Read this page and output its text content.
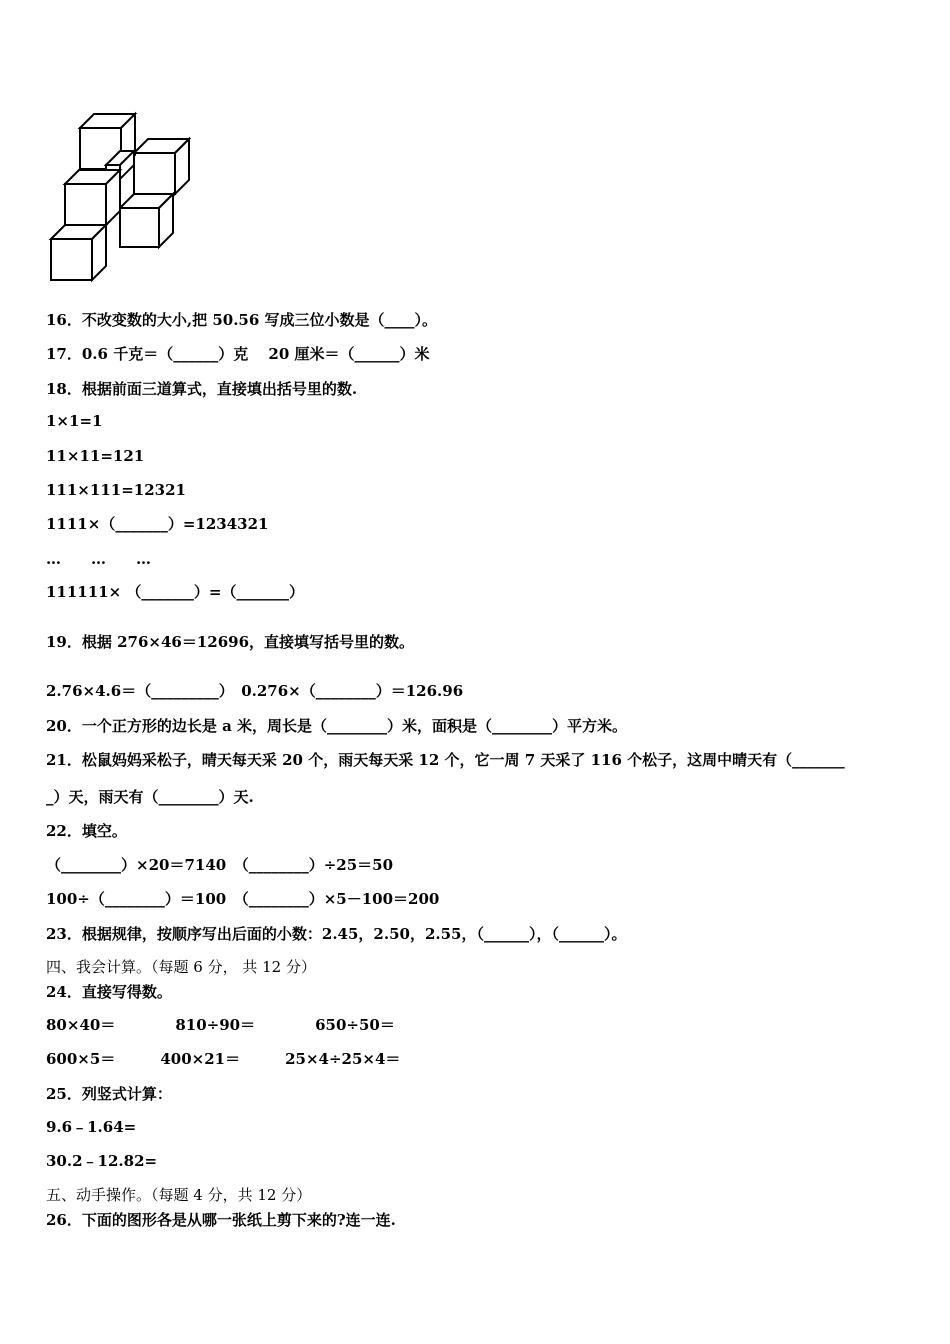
16．不改变数的大小,把 50.56 写成三位小数是（____）。
17．0.6 千克＝（______）克　 20 厘米＝（______）米
18．根据前面三道算式，直接填出括号里的数.
1×1=1
11×11=121
111×111=12321
1111×（_______）=1234321
…　　…　　…
111111× （_______）=（_______）
19．根据 276×46＝12696，直接填写括号里的数。
2.76×4.6＝（_________）　0.276×（________）＝126.96
20．一个正方形的边长是 a 米，周长是（________）米，面积是（________）平方米。
21．松鼠妈妈采松子，晴天每天采 20 个，雨天每天采 12 个，它一周 7 天采了 116 个松子，这周中晴天有（_______
_）天，雨天有（________）天.
22．填空。
（________）×20＝7140　（________）÷25＝50
100÷（________）＝100　（________）×5－100＝200
23．根据规律，按顺序写出后面的小数：2.45，2.50，2.55，（______），（______）。
四、我会计算。（每题 6 分， 共 12 分）
24．直接写得数。
80×40＝　　　　810÷90＝　　　　650÷50＝
600×5＝　　　400×21＝　　　25×4÷25×4＝
25．列竖式计算：
9.6﹣1.64=
30.2﹣12.82=
五、动手操作。（每题 4 分，共 12 分）
26．下面的图形各是从哪一张纸上剪下来的?连一连.
